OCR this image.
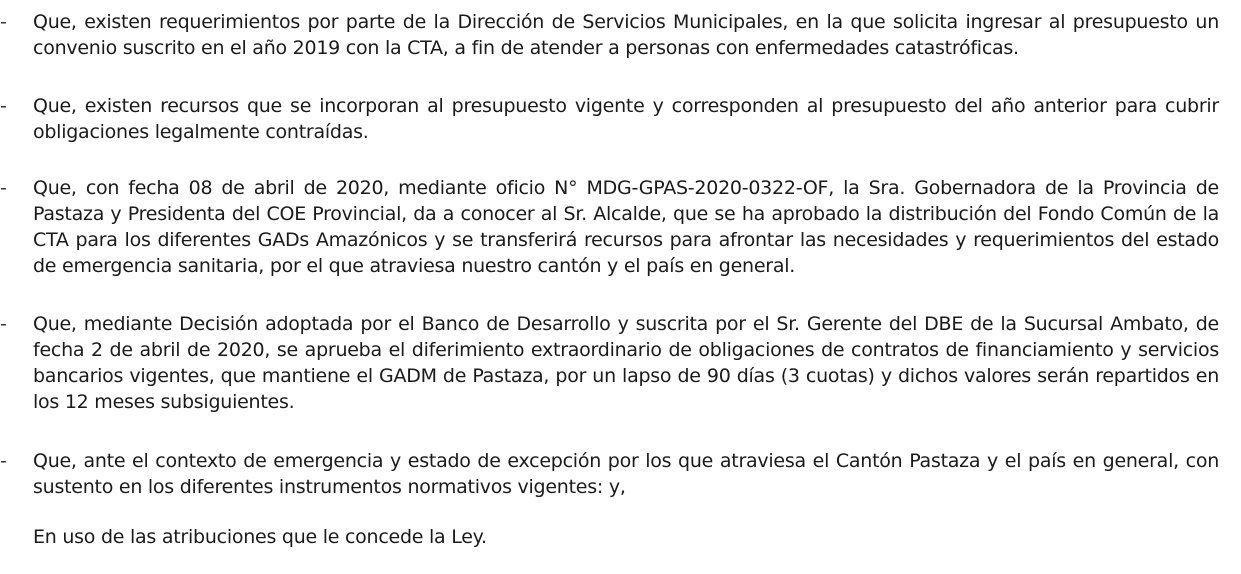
- Que, existen requerimientos por parte de la Dirección de Servicios Municipales, en la que solicita ingresar al presupuesto un convenio suscrito en el año 2019 con la CTA, a fin de atender a personas con enfermedades catastróficas.

- Que, existen recursos que se incorporan al presupuesto vigente y corresponden al presupuesto del año anterior para cubrir obligaciones legalmente contraídas.

- Que, con fecha 08 de abril de 2020, mediante oficio N° MDG-GPAS-2020-0322-OF, la Sra. Gobernadora de la Provincia de Pastaza y Presidenta del COE Provincial, da a conocer al Sr. Alcalde, que se ha aprobado la distribución del Fondo Común de la CTA para los diferentes GADs Amazónicos y se transferirá recursos para afrontar las necesidades y requerimientos del estado de emergencia sanitaria, por el que atraviesa nuestro cantón y el país en general.

- Que, mediante Decisión adoptada por el Banco de Desarrollo y suscrita por el Sr. Gerente del DBE de la Sucursal Ambato, de fecha 2 de abril de 2020, se aprueba el diferimiento extraordinario de obligaciones de contratos de financiamiento y servicios bancarios vigentes, que mantiene el GADM de Pastaza, por un lapso de 90 días (3 cuotas) y dichos valores serán repartidos en los 12 meses subsiguientes.

- Que, ante el contexto de emergencia y estado de excepción por los que atraviesa el Cantón Pastaza y el país en general, con sustento en los diferentes instrumentos normativos vigentes: y,

En uso de las atribuciones que le concede la Ley.
